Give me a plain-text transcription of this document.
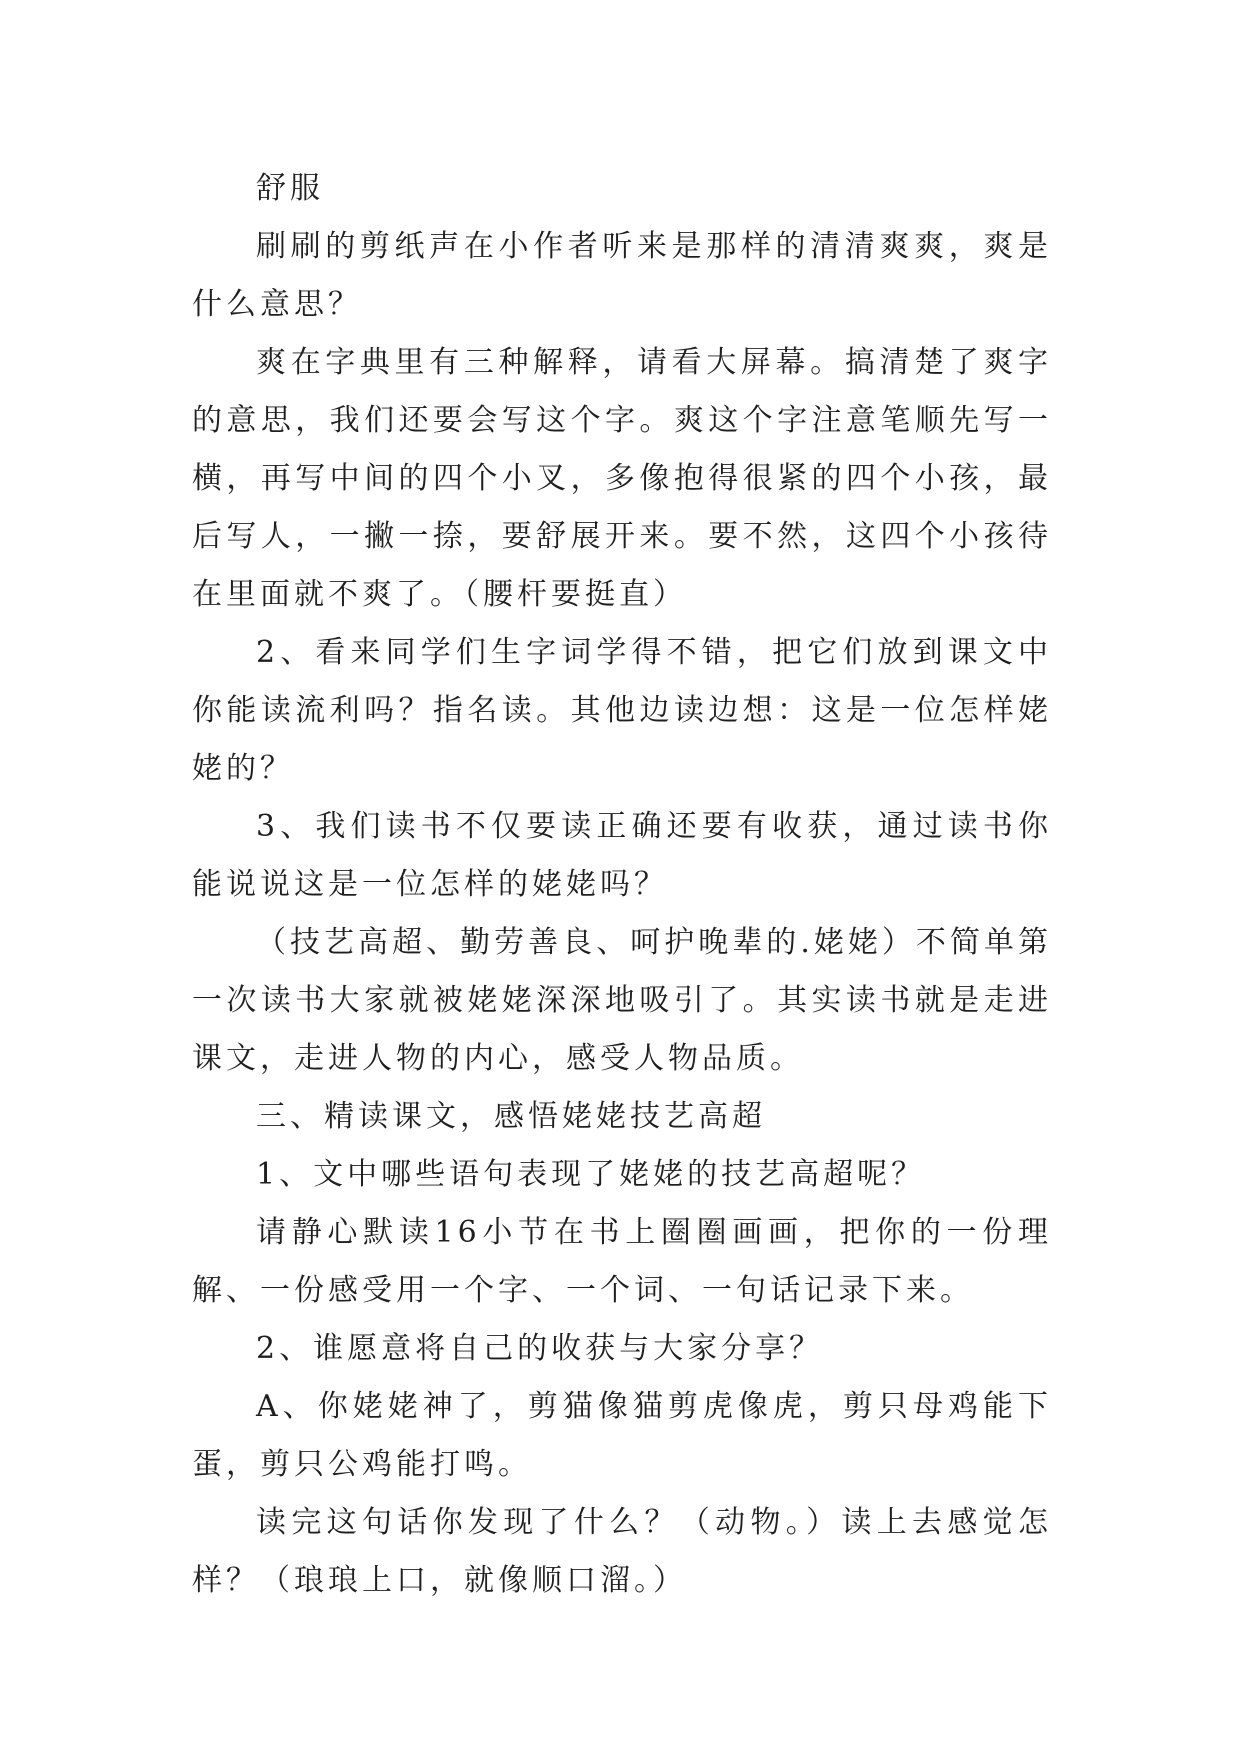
舒服

刷刷的剪纸声在小作者听来是那样的清清爽爽，爽是什么意思？

爽在字典里有三种解释，请看大屏幕。搞清楚了爽字的意思，我们还要会写这个字。爽这个字注意笔顺先写一横，再写中间的四个小叉，多像抱得很紧的四个小孩，最后写人，一撇一捺，要舒展开来。要不然，这四个小孩待在里面就不爽了。（腰杆要挺直）

2、看来同学们生字词学得不错，把它们放到课文中你能读流利吗？指名读。其他边读边想：这是一位怎样姥姥的？

3、我们读书不仅要读正确还要有收获，通过读书你能说说这是一位怎样的姥姥吗？

（技艺高超、勤劳善良、呵护晚辈的.姥姥）不简单第一次读书大家就被姥姥深深地吸引了。其实读书就是走进课文，走进人物的内心，感受人物品质。

三、精读课文，感悟姥姥技艺高超

1、文中哪些语句表现了姥姥的技艺高超呢？

请静心默读16小节在书上圈圈画画，把你的一份理解、一份感受用一个字、一个词、一句话记录下来。

2、谁愿意将自己的收获与大家分享？

A、你姥姥神了，剪猫像猫剪虎像虎，剪只母鸡能下蛋，剪只公鸡能打鸣。

读完这句话你发现了什么？（动物。）读上去感觉怎样？（琅琅上口，就像顺口溜。）
